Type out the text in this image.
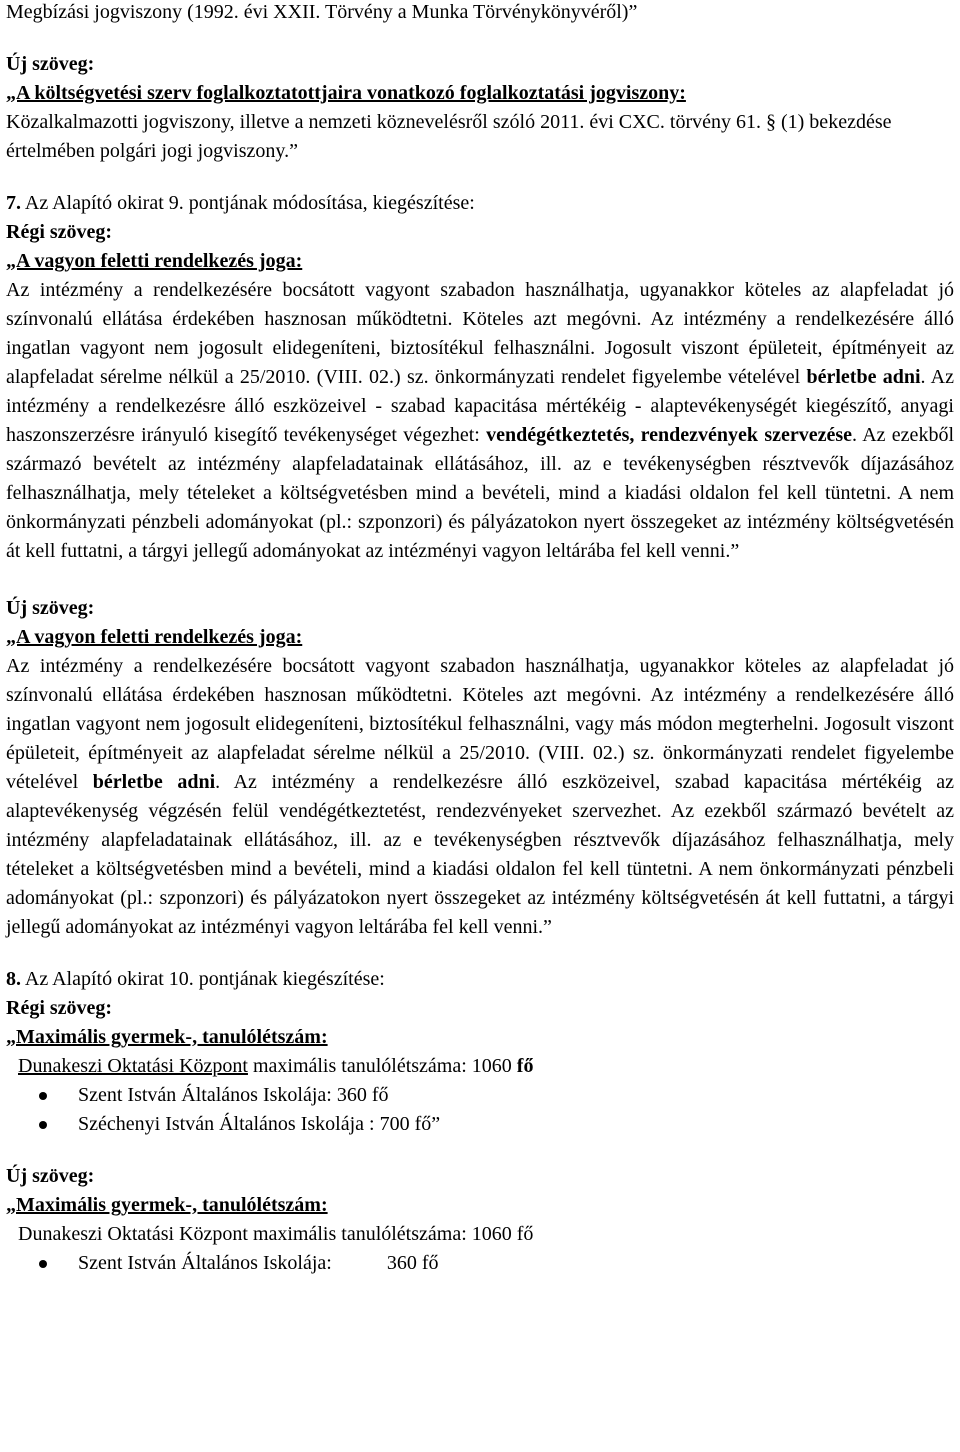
Megbízási jogviszony (1992. évi XXII. Törvény a Munka Törvénykönyvéről)”

Új szöveg:

„A költségvetési szerv foglalkoztatottjaira vonatkozó foglalkoztatási jogviszony:

Közalkalmazotti jogviszony, illetve a nemzeti köznevelésről szóló 2011. évi CXC. törvény 61. § (1) bekezdése értelmében polgári jogi jogviszony.”

7. Az Alapító okirat 9. pontjának módosítása, kiegészítése:

Régi szöveg:

„A vagyon feletti rendelkezés joga:

Az intézmény a rendelkezésére bocsátott vagyont szabadon használhatja, ugyanakkor köteles az alapfeladat jó színvonalú ellátása érdekében hasznosan működtetni. Köteles azt megóvni. Az intézmény a rendelkezésére álló ingatlan vagyont nem jogosult elidegeníteni, biztosítékul felhasználni. Jogosult viszont épületeit, építményeit az alapfeladat sérelme nélkül a 25/2010. (VIII. 02.) sz. önkormányzati rendelet figyelembe vételével bérletbe adni. Az intézmény a rendelkezésre álló eszközeivel - szabad kapacitása mértékéig - alaptevékenységét kiegészítő, anyagi haszonszerzésre irányuló kisegítő tevékenységet végezhet: vendégétkeztetés, rendezvények szervezése. Az ezekből származó bevételt az intézmény alapfeladatainak ellátásához, ill. az e tevékenységben résztvevők díjazásához felhasználhatja, mely tételeket a költségvetésben mind a bevételi, mind a kiadási oldalon fel kell tüntetni. A nem önkormányzati pénzbeli adományokat (pl.: szponzori) és pályázatokon nyert összegeket az intézmény költségvetésén át kell futtatni, a tárgyi jellegű adományokat az intézményi vagyon leltárába fel kell venni.”

Új szöveg:

„A vagyon feletti rendelkezés joga:

Az intézmény a rendelkezésére bocsátott vagyont szabadon használhatja, ugyanakkor köteles az alapfeladat jó színvonalú ellátása érdekében hasznosan működtetni. Köteles azt megóvni. Az intézmény a rendelkezésére álló ingatlan vagyont nem jogosult elidegeníteni, biztosítékul felhasználni, vagy más módon megterhelni. Jogosult viszont épületeit, építményeit az alapfeladat sérelme nélkül a 25/2010. (VIII. 02.) sz. önkormányzati rendelet figyelembe vételével bérletbe adni. Az intézmény a rendelkezésre álló eszközeivel, szabad kapacitása mértékéig az alaptevékenység végzésén felül vendégétkeztetést, rendezvényeket szervezhet. Az ezekből származó bevételt az intézmény alapfeladatainak ellátásához, ill. az e tevékenységben résztvevők díjazásához felhasználhatja, mely tételeket a költségvetésben mind a bevételi, mind a kiadási oldalon fel kell tüntetni. A nem önkormányzati pénzbeli adományokat (pl.: szponzori) és pályázatokon nyert összegeket az intézmény költségvetésén át kell futtatni, a tárgyi jellegű adományokat az intézményi vagyon leltárába fel kell venni.”

8. Az Alapító okirat 10. pontjának kiegészítése:

Régi szöveg:

„Maximális gyermek-, tanulólétszám:

Dunakeszi Oktatási Központ maximális tanulólétszáma: 1060 fő

Szent István Általános Iskolája: 360 fő
Széchenyi István Általános Iskolája : 700 fő”

Új szöveg:

„Maximális gyermek-, tanulólétszám:

Dunakeszi Oktatási Központ maximális tanulólétszáma: 1060 fő

Szent István Általános Iskolája:	360 fő
